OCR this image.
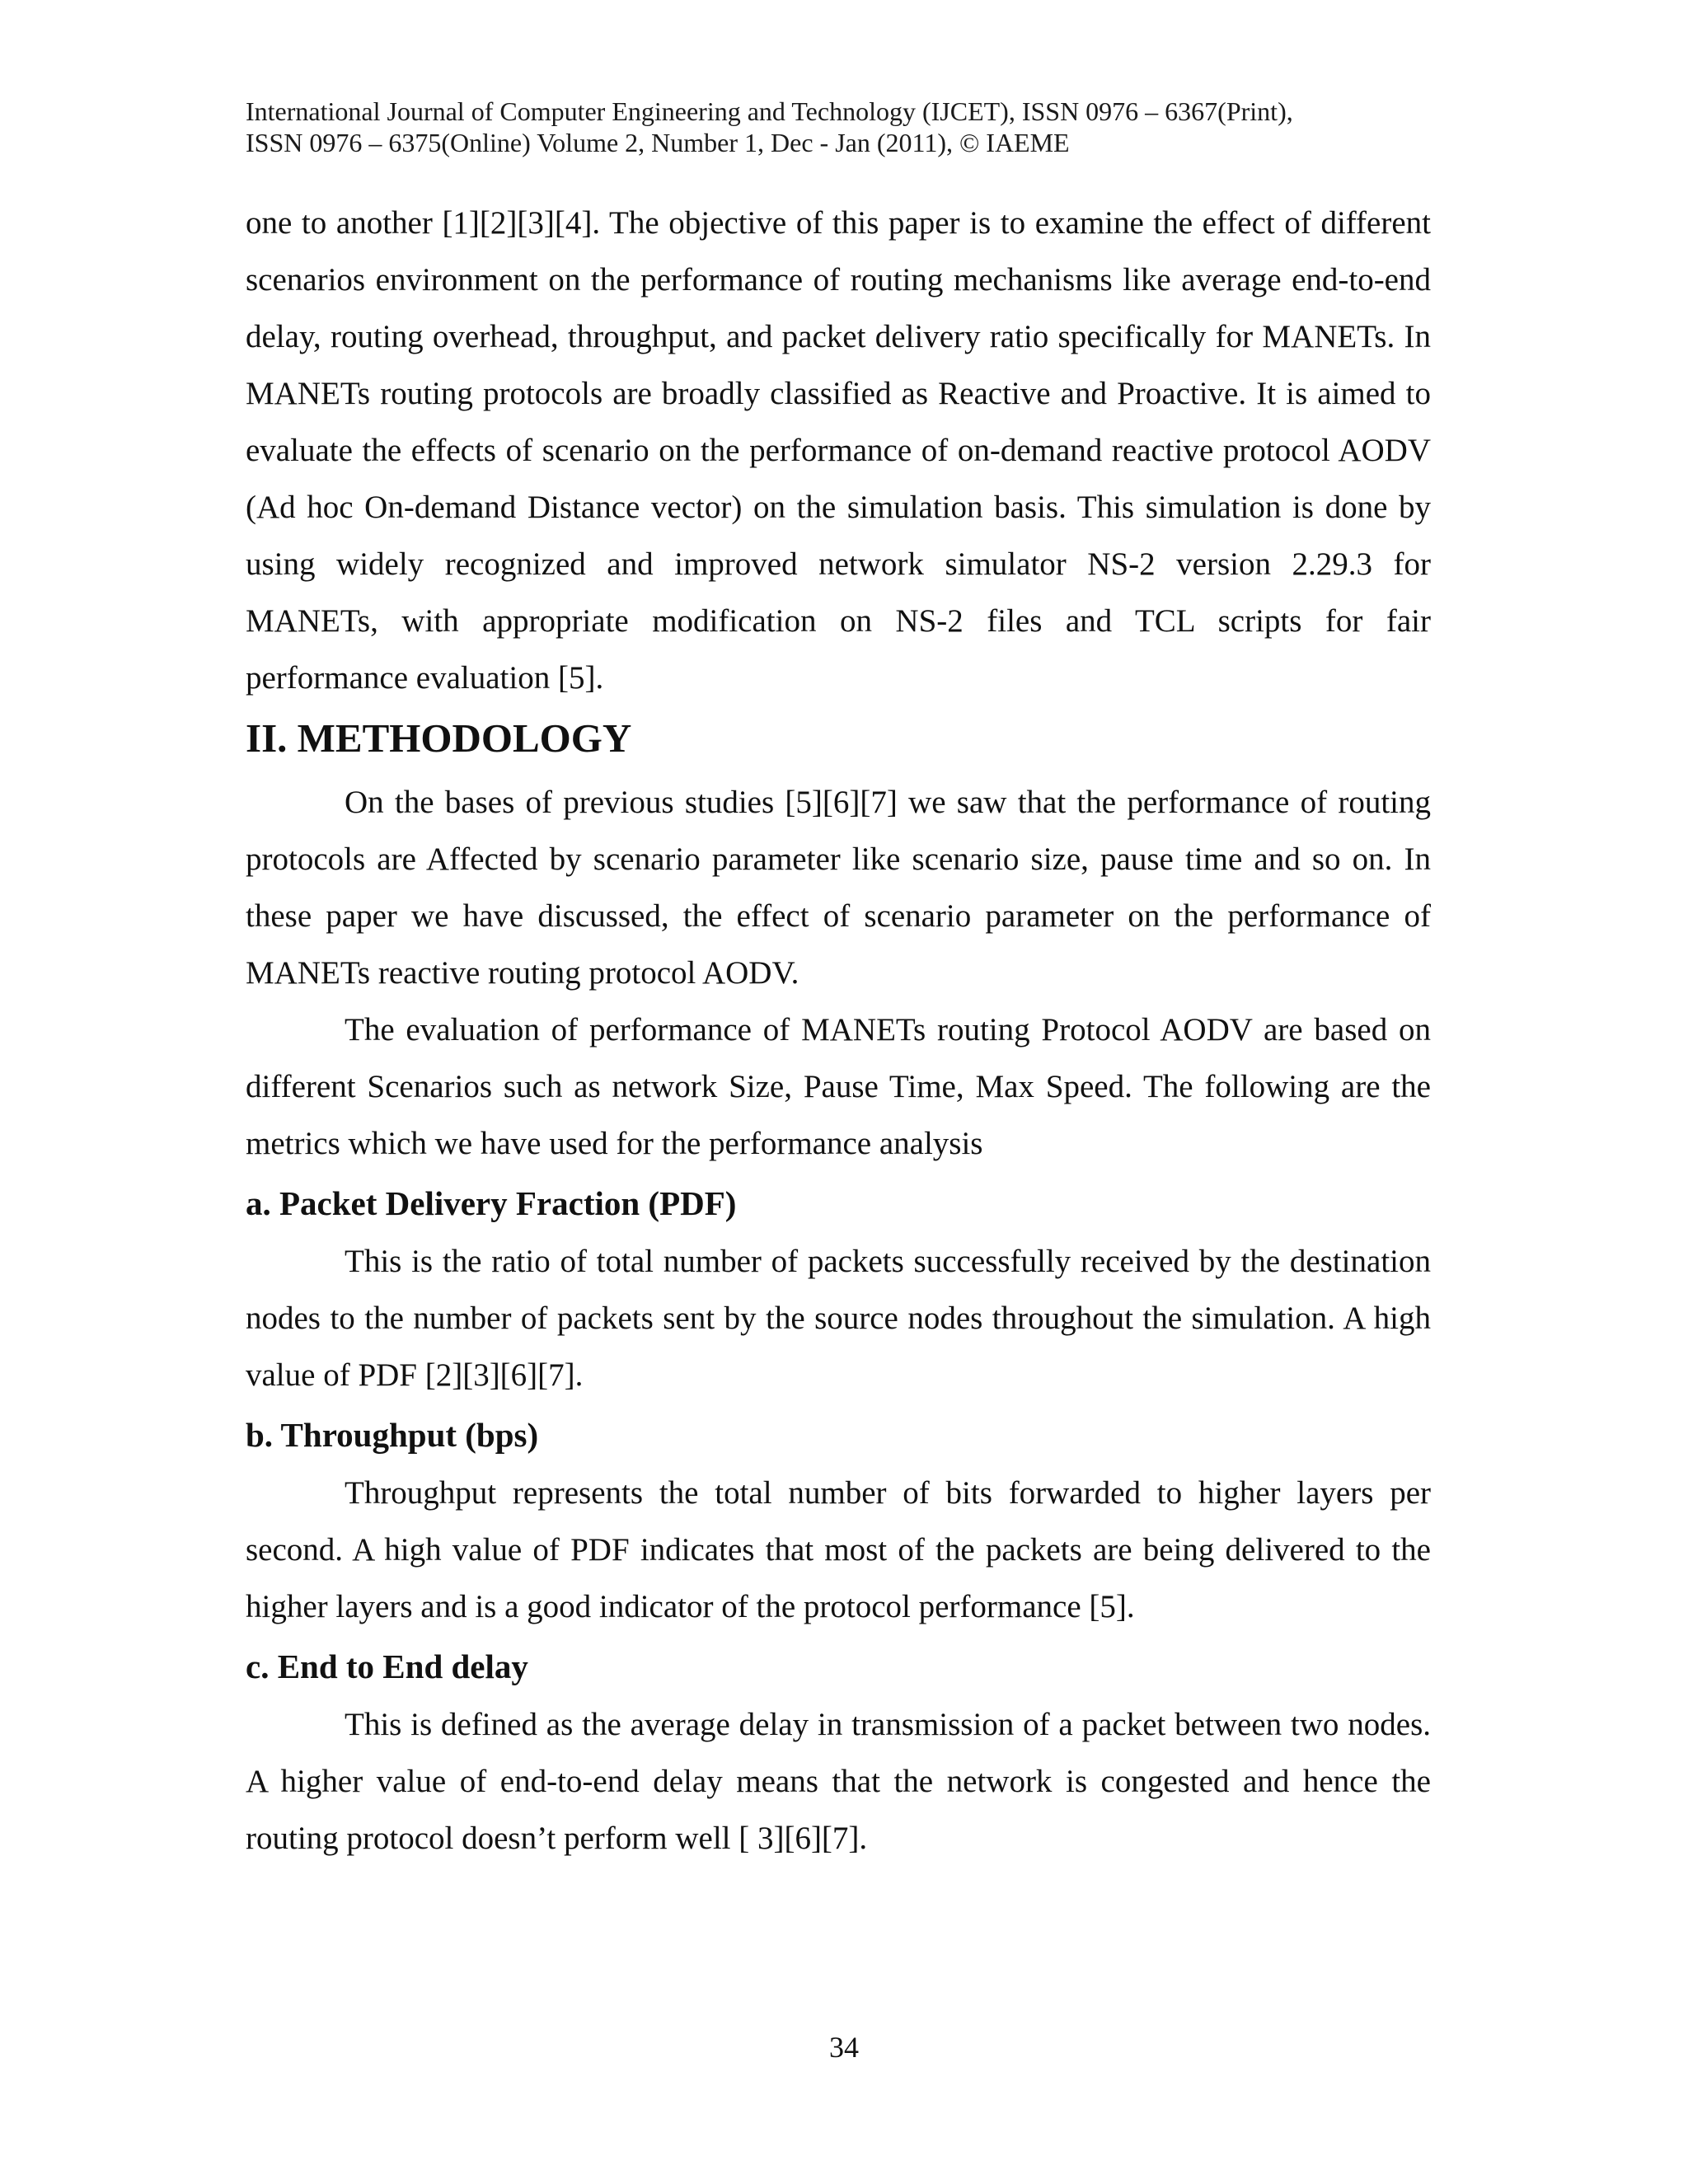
International Journal of Computer Engineering and Technology (IJCET), ISSN 0976 – 6367(Print),
ISSN 0976 – 6375(Online) Volume 2, Number 1, Dec - Jan (2011), © IAEME

one to another [1][2][3][4]. The objective of this paper is to examine the effect of different scenarios environment on the performance of routing mechanisms like average end-to-end delay, routing overhead, throughput, and packet delivery ratio specifically for MANETs. In MANETs routing protocols are broadly classified as Reactive and Proactive. It is aimed to evaluate the effects of scenario on the performance of on-demand reactive protocol AODV (Ad hoc On-demand Distance vector) on the simulation basis. This simulation is done by using widely recognized and improved network simulator NS-2 version 2.29.3 for MANETs, with appropriate modification on NS-2 files and TCL scripts for fair performance evaluation [5].

II. METHODOLOGY

On the bases of previous studies [5][6][7] we saw that the performance of routing protocols are Affected by scenario parameter like scenario size, pause time and so on. In these paper we have discussed, the effect of scenario parameter on the performance of MANETs reactive routing protocol AODV.

The evaluation of performance of MANETs routing Protocol AODV are based on different Scenarios such as network Size, Pause Time, Max Speed. The following are the metrics which we have used for the performance analysis

a. Packet Delivery Fraction (PDF)

This is the ratio of total number of packets successfully received by the destination nodes to the number of packets sent by the source nodes throughout the simulation. A high value of PDF [2][3][6][7].

b. Throughput (bps)

Throughput represents the total number of bits forwarded to higher layers per second. A high value of PDF indicates that most of the packets are being delivered to the higher layers and is a good indicator of the protocol performance [5].

c. End to End delay

This is defined as the average delay in transmission of a packet between two nodes. A higher value of end-to-end delay means that the network is congested and hence the routing protocol doesn’t perform well [ 3][6][7].

34
